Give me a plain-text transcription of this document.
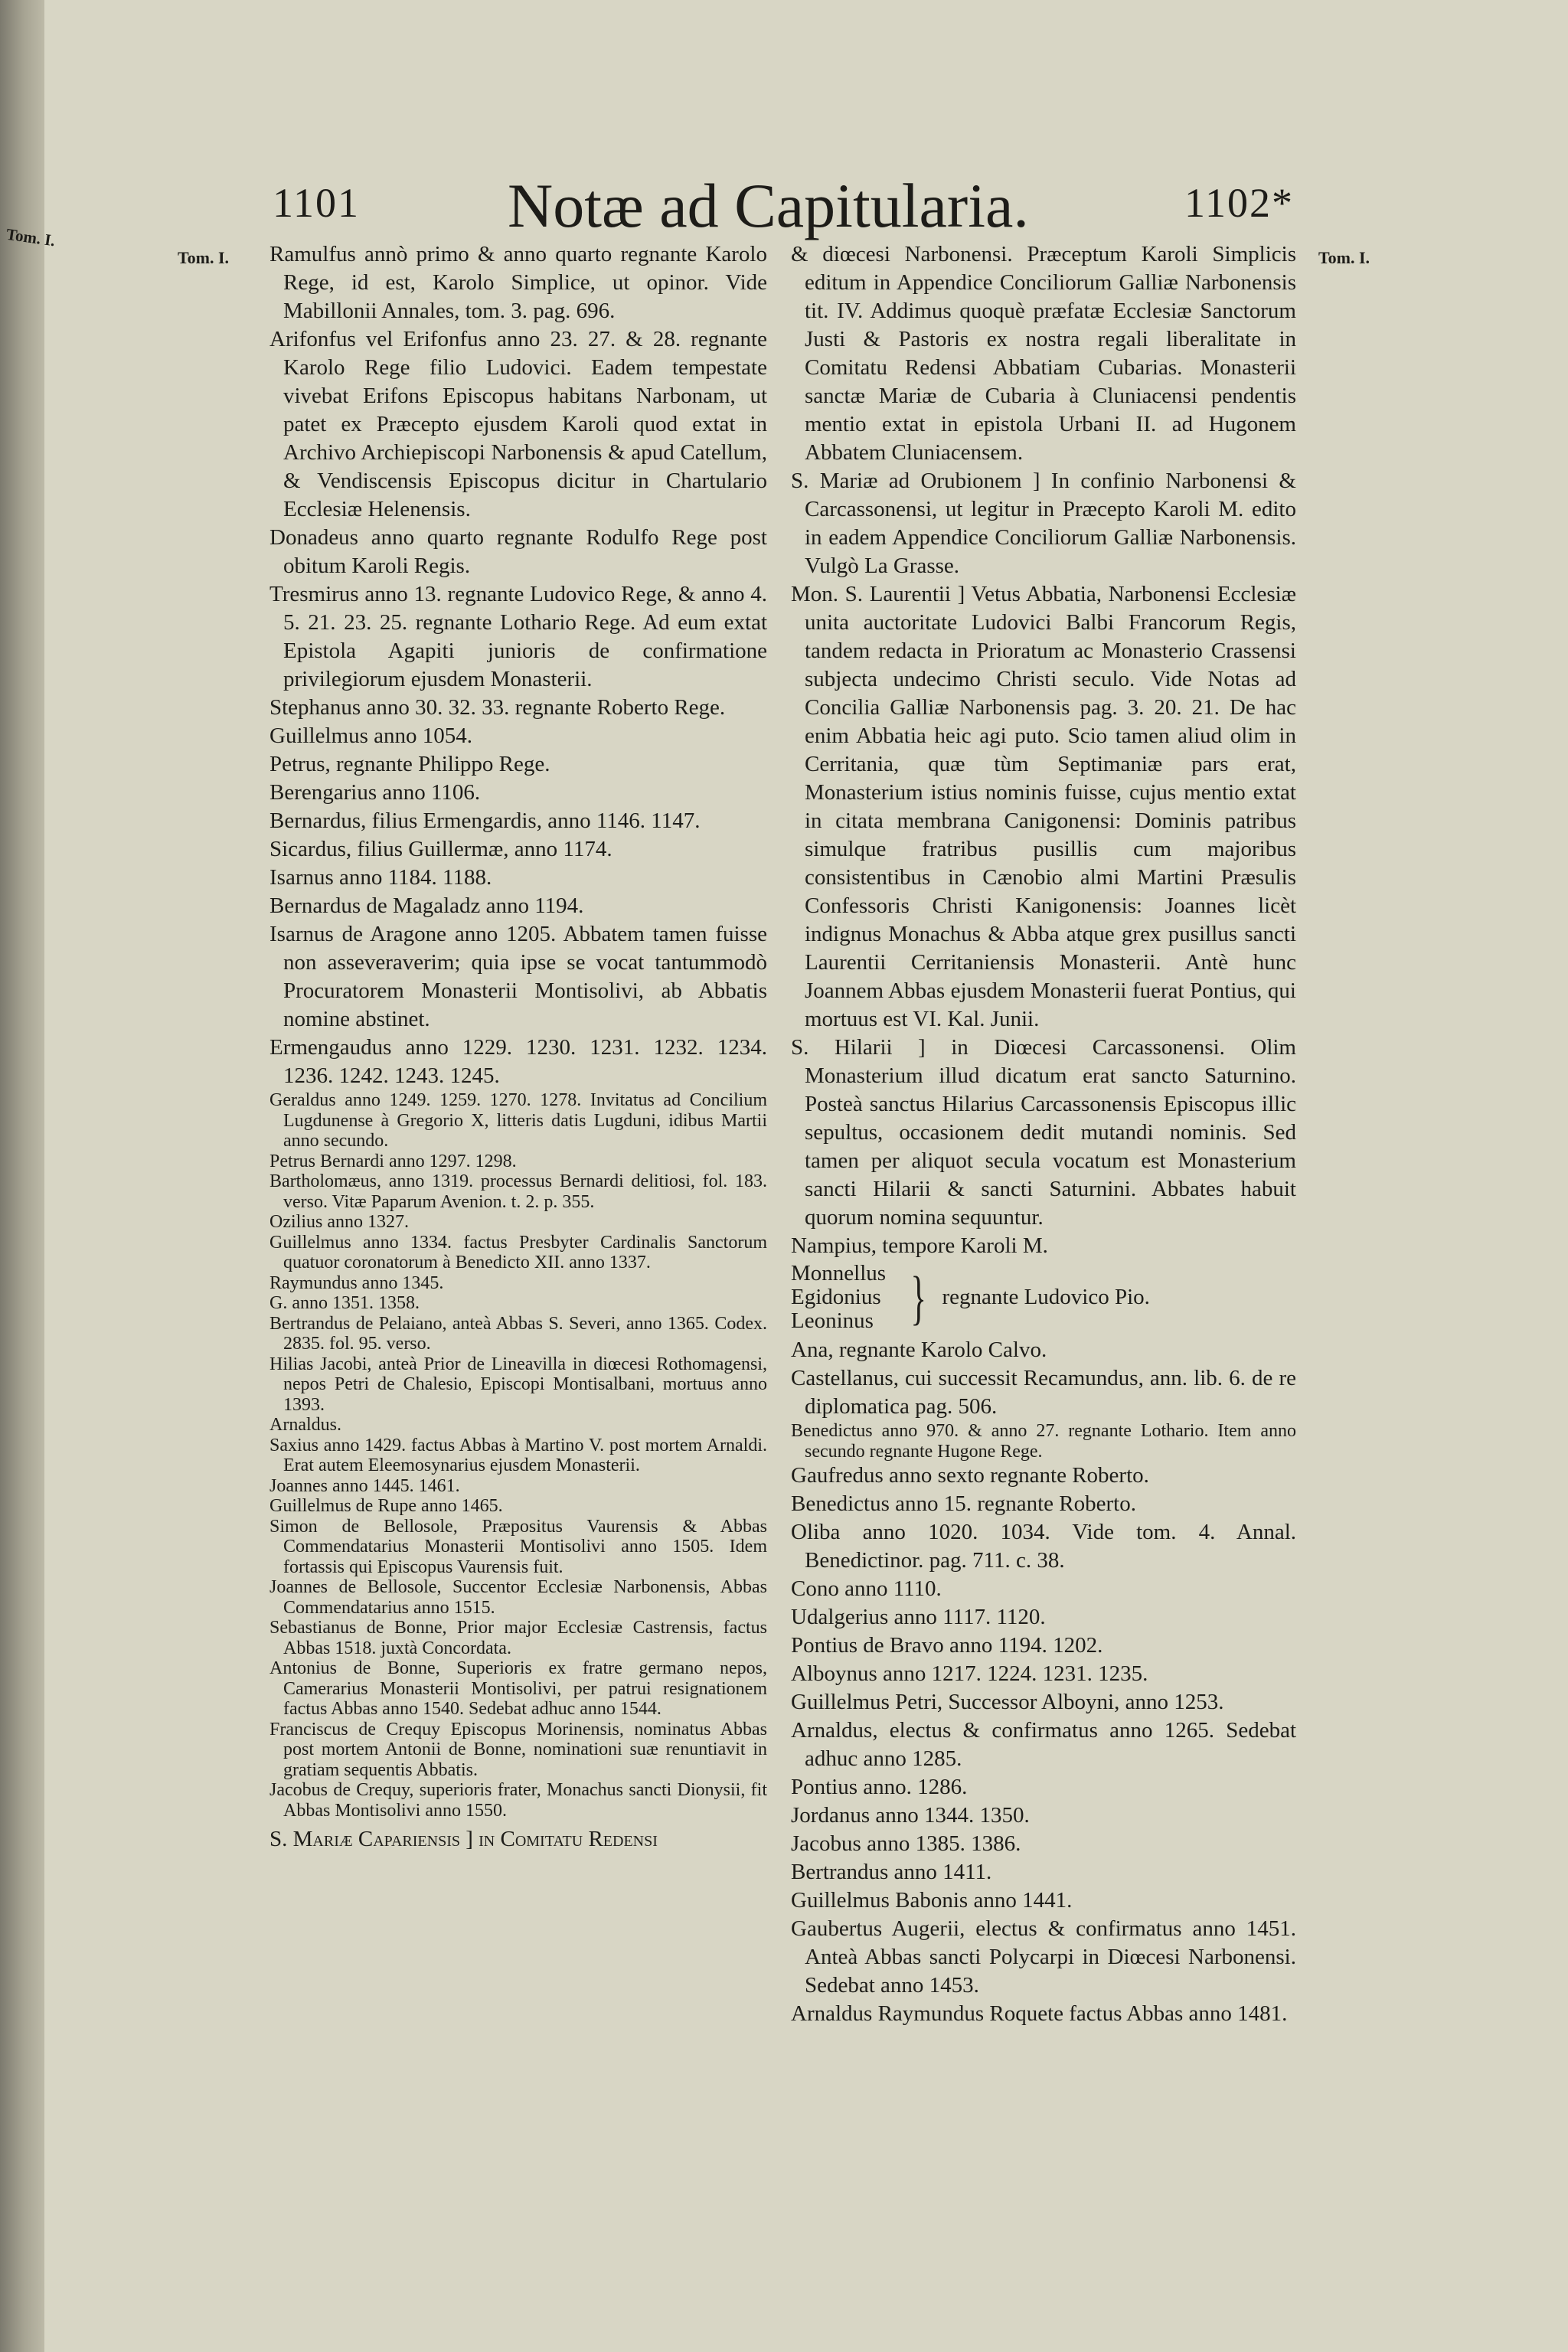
Tom. I.
1101 Notæ ad Capitularia.	1102*
Tom. I.	Tom. I.

Ramulfus annò primo & anno quarto regnante Karolo Rege, id est, Karolo Simplice, ut opinor. Vide Mabillonii Annales, tom. 3. pag. 696.

Arifonfus vel Erifonfus anno 23. 27. & 28. regnante Karolo Rege filio Ludovici. Eadem tempestate vivebat Erifons Episcopus habitans Narbonam, ut patet ex Præcepto ejusdem Karoli quod extat in Archivo Archiepiscopi Narbonensis & apud Catellum, & Vendiscensis Episcopus dicitur in Chartulario Ecclesiæ Helenensis.

Donadeus anno quarto regnante Rodulfo Rege post obitum Karoli Regis.

Tresmirus anno 13. regnante Ludovico Rege, & anno 4. 5. 21. 23. 25. regnante Lothario Rege. Ad eum extat Epistola Agapiti junioris de confirmatione privilegiorum ejusdem Monasterii.

Stephanus anno 30. 32. 33. regnante Roberto Rege.

Guillelmus anno 1054.

Petrus, regnante Philippo Rege.

Berengarius anno 1106.

Bernardus, filius Ermengardis, anno 1146. 1147.

Sicardus, filius Guillermæ, anno 1174.

Isarnus anno 1184. 1188.

Bernardus de Magaladz anno 1194.

Isarnus de Aragone anno 1205. Abbatem tamen fuisse non asseveraverim; quia ipse se vocat tantummodò Procuratorem Monasterii Montisolivi, ab Abbatis nomine abstinet.

Ermengaudus anno 1229. 1230. 1231. 1232. 1234. 1236. 1242. 1243. 1245.

Geraldus anno 1249. 1259. 1270. 1278. Invitatus ad Concilium Lugdunense à Gregorio X, litteris datis Lugduni, idibus Martii anno secundo.

Petrus Bernardi anno 1297. 1298.

Bartholomæus, anno 1319. processus Bernardi delitiosi, fol. 183. verso. Vitæ Paparum Avenion. t. 2. p. 355.

Ozilius anno 1327.

Guillelmus anno 1334. factus Presbyter Cardinalis Sanctorum quatuor coronatorum à Benedicto XII. anno 1337.

Raymundus anno 1345.

G. anno 1351. 1358.

Bertrandus de Pelaiano, anteà Abbas S. Severi, anno 1365. Codex. 2835. fol. 95. verso.

Hilias Jacobi, anteà Prior de Lineavilla in diœcesi Rothomagensi, nepos Petri de Chalesio, Episcopi Montisalbani, mortuus anno 1393.

Arnaldus.

Saxius anno 1429. factus Abbas à Martino V. post mortem Arnaldi. Erat autem Eleemosynarius ejusdem Monasterii.

Joannes anno 1445. 1461.

Guillelmus de Rupe anno 1465.

Simon de Bellosole, Præpositus Vaurensis & Abbas Commendatarius Monasterii Montisolivi anno 1505. Idem fortassis qui Episcopus Vaurensis fuit.

Joannes de Bellosole, Succentor Ecclesiæ Narbonensis, Abbas Commendatarius anno 1515.

Sebastianus de Bonne, Prior major Ecclesiæ Castrensis, factus Abbas 1518. juxtà Concordata.

Antonius de Bonne, Superioris ex fratre germano nepos, Camerarius Monasterii Montisolivi, per patrui resignationem factus Abbas anno 1540. Sedebat adhuc anno 1544.

Franciscus de Crequy Episcopus Morinensis, nominatus Abbas post mortem Antonii de Bonne, nominationi suæ renuntiavit in gratiam sequentis Abbatis.

Jacobus de Crequy, superioris frater, Monachus sancti Dionysii, fit Abbas Montisolivi anno 1550.

S. Mariæ Capariensis ] in Comitatu Redensi

& diœcesi Narbonensi. Præceptum Karoli Simplicis editum in Appendice Conciliorum Galliæ Narbonensis tit. IV. Addimus quoquè præfatæ Ecclesiæ Sanctorum Justi & Pastoris ex nostra regali liberalitate in Comitatu Redensi Abbatiam Cubarias. Monasterii sanctæ Mariæ de Cubaria à Cluniacensi pendentis mentio extat in epistola Urbani II. ad Hugonem Abbatem Cluniacensem.

S. Mariæ ad Orubionem ] In confinio Narbonensi & Carcassonensi, ut legitur in Præcepto Karoli M. edito in eadem Appendice Conciliorum Galliæ Narbonensis. Vulgò La Grasse.

Mon. S. Laurentii ] Vetus Abbatia, Narbonensi Ecclesiæ unita auctoritate Ludovici Balbi Francorum Regis, tandem redacta in Prioratum ac Monasterio Crassensi subjecta undecimo Christi seculo. Vide Notas ad Concilia Galliæ Narbonensis pag. 3. 20. 21. De hac enim Abbatia heic agi puto. Scio tamen aliud olim in Cerritania, quæ tùm Septimaniæ pars erat, Monasterium istius nominis fuisse, cujus mentio extat in citata membrana Canigonensi: Dominis patribus simulque fratribus pusillis cum majoribus consistentibus in Cænobio almi Martini Præsulis Confessoris Christi Kanigonensis: Joannes licèt indignus Monachus & Abba atque grex pusillus sancti Laurentii Cerritaniensis Monasterii. Antè hunc Joannem Abbas ejusdem Monasterii fuerat Pontius, qui mortuus est VI. Kal. Junii.

S. Hilarii ] in Diœcesi Carcassonensi. Olim Monasterium illud dicatum erat sancto Saturnino. Posteà sanctus Hilarius Carcassonensis Episcopus illic sepultus, occasionem dedit mutandi nominis. Sed tamen per aliquot secula vocatum est Monasterium sancti Hilarii & sancti Saturnini. Abbates habuit quorum nomina sequuntur.

Nampius, tempore Karoli M.

Monnellus
Egidonius
Leoninus } regnante Ludovico Pio.

Ana, regnante Karolo Calvo.

Castellanus, cui successit Recamundus, ann. lib. 6. de re diplomatica pag. 506.

Benedictus anno 970. & anno 27. regnante Lothario. Item anno secundo regnante Hugone Rege.

Gaufredus anno sexto regnante Roberto.

Benedictus anno 15. regnante Roberto.

Oliba anno 1020. 1034. Vide tom. 4. Annal. Benedictinor. pag. 711. c. 38.

Cono anno 1110.

Udalgerius anno 1117. 1120.

Pontius de Bravo anno 1194. 1202.

Alboynus anno 1217. 1224. 1231. 1235.

Guillelmus Petri, Successor Alboyni, anno 1253.

Arnaldus, electus & confirmatus anno 1265. Sedebat adhuc anno 1285.

Pontius anno. 1286.

Jordanus anno 1344. 1350.

Jacobus anno 1385. 1386.

Bertrandus anno 1411.

Guillelmus Babonis anno 1441.

Gaubertus Augerii, electus & confirmatus anno 1451. Anteà Abbas sancti Polycarpi in Diœcesi Narbonensi. Sedebat anno 1453.

Arnaldus Raymundus Roquete factus Abbas anno 1481.
